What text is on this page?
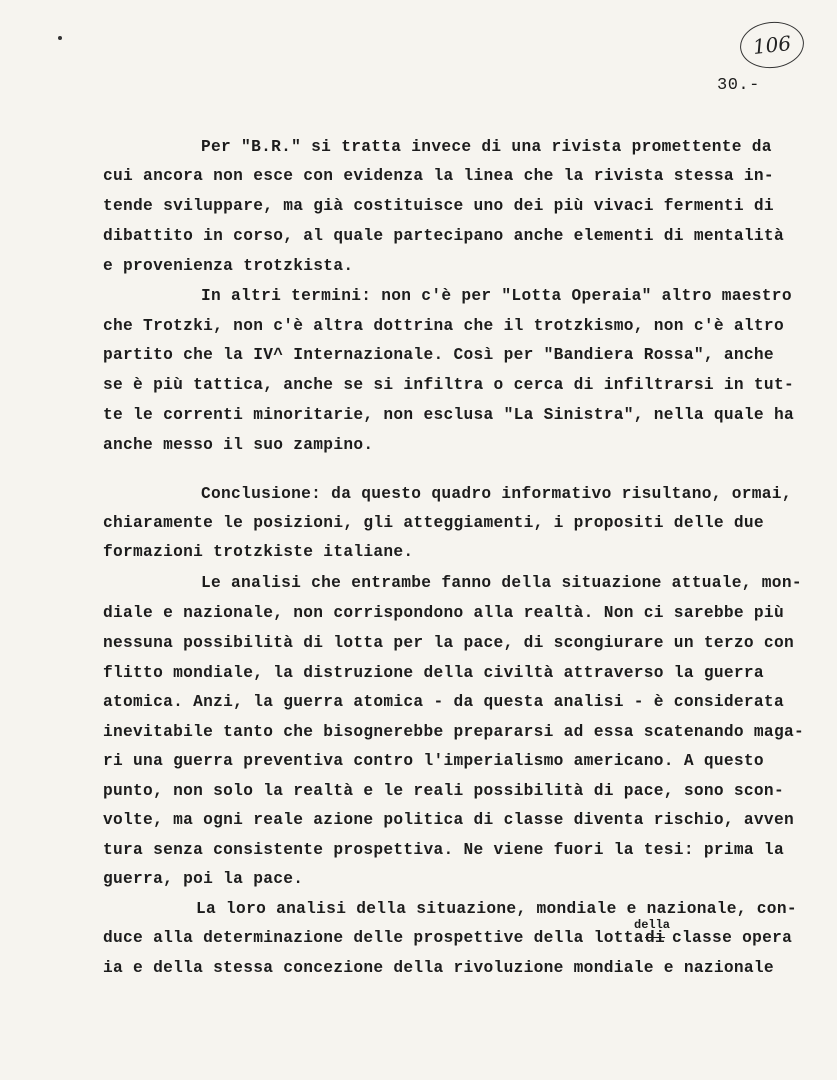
106
30.-
Per "B.R." si tratta invece di una rivista promettente da
cui ancora non esce con evidenza la linea che la rivista stessa in-
tende sviluppare, ma già costituisce uno dei più vivaci fermenti di
dibattito in corso, al quale partecipano anche elementi di mentalità
e provenienza trotzkista.
In altri termini: non c'è per "Lotta Operaia" altro maestro
che Trotzki, non c'è altra dottrina che il trotzkismo, non c'è altro
partito che la IV^ Internazionale. Così per "Bandiera Rossa", anche
se è più tattica, anche se si infiltra o cerca di infiltrarsi in tut-
te le correnti minoritarie, non esclusa "La Sinistra", nella quale ha
anche messo il suo zampino.
Conclusione: da questo quadro informativo risultano, ormai,
chiaramente le posizioni, gli atteggiamenti, i propositi delle due
formazioni trotzkiste italiane.
Le analisi che entrambe fanno della situazione attuale, mon-
diale e nazionale, non corrispondono alla realtà. Non ci sarebbe più
nessuna possibilità di lotta per la pace, di scongiurare un terzo con
flitto mondiale, la distruzione della civiltà attraverso la guerra
atomica. Anzi, la guerra atomica - da questa analisi - è considerata
inevitabile tanto che bisognerebbe prepararsi ad essa scatenando maga-
ri una guerra preventiva contro l'imperialismo americano. A questo
punto, non solo la realtà e le reali possibilità di pace, sono scon-
volte, ma ogni reale azione politica di classe diventa rischio, avven
tura senza consistente prospettiva. Ne viene fuori la tesi: prima la
guerra, poi la pace.
La loro analisi della situazione, mondiale e nazionale, con-
duce alla determinazione delle prospettive della lotta
della
di classe opera
ia e della stessa concezione della rivoluzione mondiale e nazionale
